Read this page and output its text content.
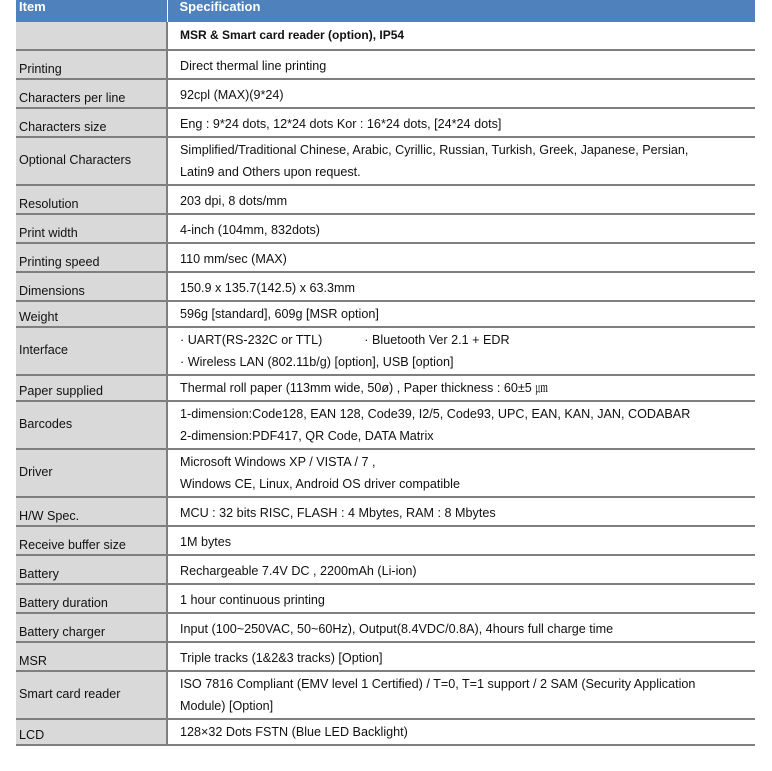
Item	Specification
	MSR & Smart card reader (option), IP54
Printing	Direct thermal line printing
Characters per line	92cpl (MAX)(9*24)
Characters size	Eng : 9*24 dots, 12*24 dots Kor : 16*24 dots, [24*24 dots]
Optional Characters	Simplified/Traditional Chinese, Arabic, Cyrillic, Russian, Turkish, Greek, Japanese, Persian,
Latin9 and Others upon request.

Resolution	203 dpi, 8 dots/mm
Print width	4-inch (104mm, 832dots)
Printing speed	110 mm/sec (MAX)
Dimensions	150.9 x 135.7(142.5) x 63.3mm
Weight	596g [standard], 609g [MSR option]
Interface	· UART(RS-232C or TTL) · Bluetooth Ver 2.1 + EDR
· Wireless LAN (802.11b/g) [option], USB [option]

Paper supplied	Thermal roll paper (113mm wide, 50ø) , Paper thickness : 60±5 ㎛
Barcodes	1-dimension:Code128, EAN 128, Code39, I2/5, Code93, UPC, EAN, KAN, JAN, CODABAR
2-dimension:PDF417, QR Code, DATA Matrix

Driver	Microsoft Windows XP / VISTA / 7 ,
Windows CE, Linux, Android OS driver compatible

H/W Spec.	MCU : 32 bits RISC, FLASH : 4 Mbytes, RAM : 8 Mbytes
Receive buffer size	1M bytes
Battery	Rechargeable 7.4V DC , 2200mAh (Li-ion)
Battery duration	1 hour continuous printing
Battery charger	Input (100~250VAC, 50~60Hz), Output(8.4VDC/0.8A), 4hours full charge time
MSR	Triple tracks (1&2&3 tracks) [Option]
Smart card reader	ISO 7816 Compliant (EMV level 1 Certified) / T=0, T=1 support / 2 SAM (Security Application
Module) [Option]

LCD	128×32 Dots FSTN (Blue LED Backlight)
